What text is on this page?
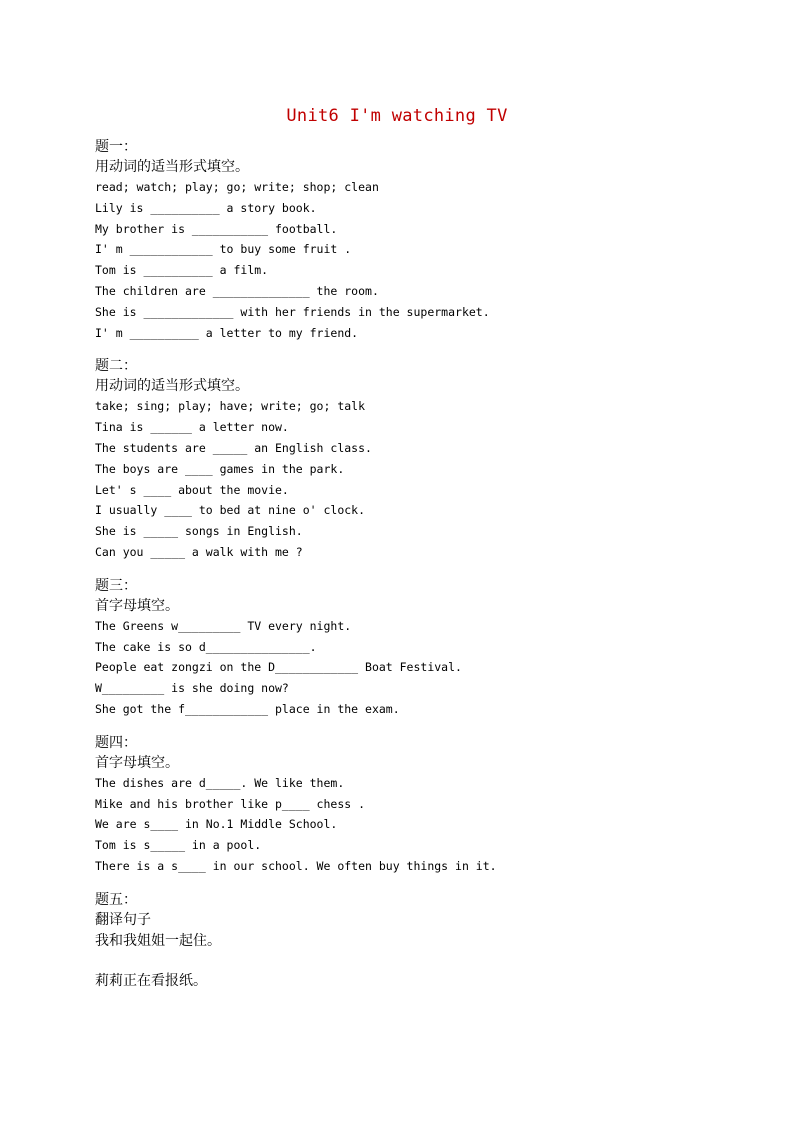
Unit6 I'm watching TV
题一：
用动词的适当形式填空。
read; watch; play; go; write; shop; clean
Lily is __________ a story book.
My brother is ___________ football.
I' m ____________ to buy some fruit .
Tom is __________ a film.
The children are ______________ the room.
She is _____________ with her friends in the supermarket.
I' m __________ a letter to my friend.
题二：
用动词的适当形式填空。
take; sing; play; have; write; go; talk
Tina is ______ a letter now.
The students are _____ an English class.
The boys are ____ games in the park.
Let' s ____ about the movie.
I usually ____ to bed at nine o' clock.
She is _____ songs in English.
Can you _____ a walk with me ?
题三：
首字母填空。
The Greens w_________ TV every night.
The cake is so d_______________.
People eat zongzi on the D____________ Boat Festival.
W_________ is she doing now?
She got the f____________ place in the exam.
题四：
首字母填空。
The dishes are d_____. We like them.
Mike and his brother like p____ chess .
We are s____ in No.1 Middle School.
Tom is s_____ in a pool.
There is a s____ in our school. We often buy things in it.
题五：
翻译句子
我和我姐姐一起住。
莉莉正在看报纸。
